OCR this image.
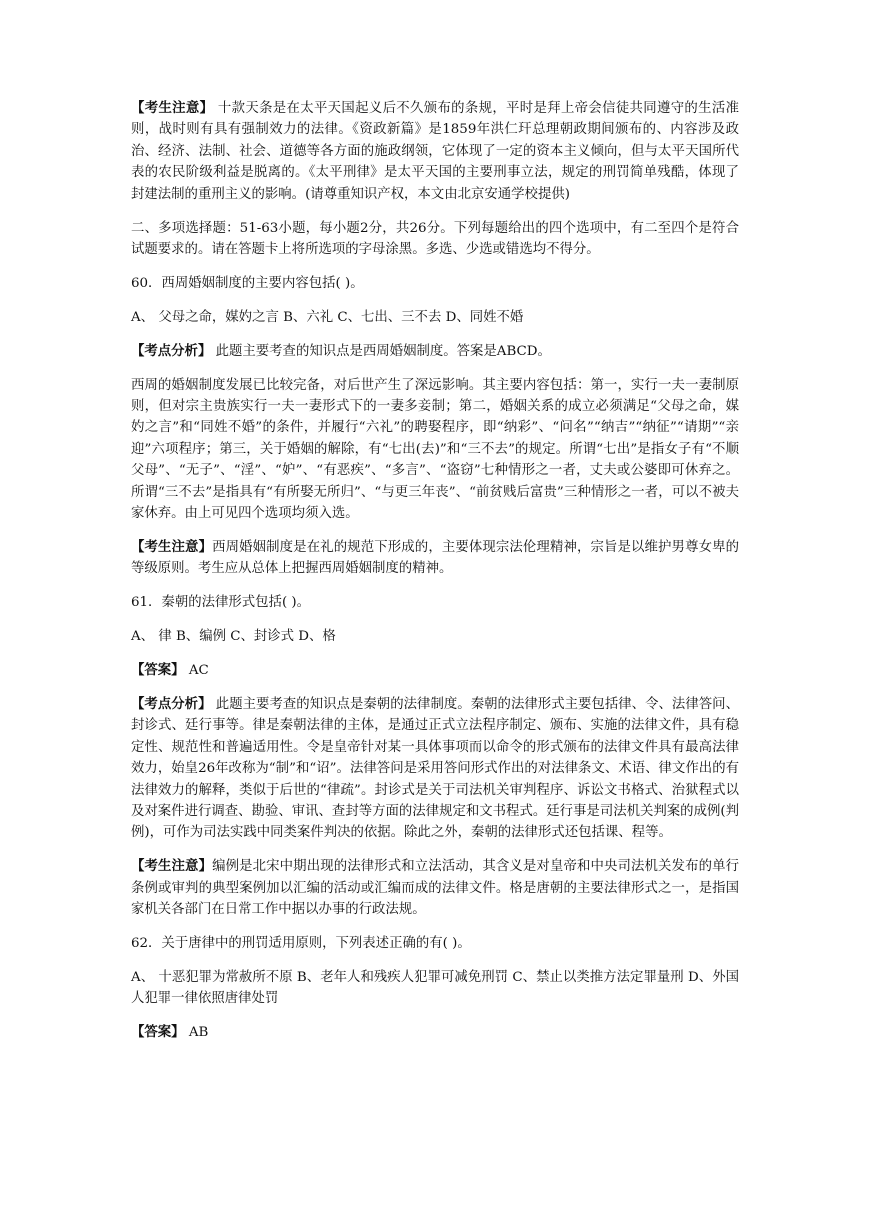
【考生注意】 十款天条是在太平天国起义后不久颁布的条规，平时是拜上帝会信徒共同遵守的生活准则，战时则有具有强制效力的法律。《资政新篇》是1859年洪仁玕总理朝政期间颁布的、内容涉及政治、经济、法制、社会、道德等各方面的施政纲领，它体现了一定的资本主义倾向，但与太平天国所代表的农民阶级利益是脱离的。《太平刑律》是太平天国的主要刑事立法，规定的刑罚简单残酷，体现了封建法制的重刑主义的影响。(请尊重知识产权，本文由北京安通学校提供)

二、多项选择题：51-63小题，每小题2分，共26分。下列每题给出的四个选项中，有二至四个是符合试题要求的。请在答题卡上将所选项的字母涂黑。多选、少选或错选均不得分。

60．西周婚姻制度的主要内容包括( )。

A、 父母之命，媒妁之言 B、六礼 C、七出、三不去 D、同姓不婚

【考点分析】 此题主要考查的知识点是西周婚姻制度。答案是ABCD。

西周的婚姻制度发展已比较完备，对后世产生了深远影响。其主要内容包括：第一，实行一夫一妻制原则，但对宗主贵族实行一夫一妻形式下的一妻多妾制；第二，婚姻关系的成立必须满足“父母之命，媒妁之言”和“同姓不婚”的条件，并履行“六礼”的聘娶程序，即“纳彩”、“问名”“纳吉”“纳征”“请期”“亲迎”六项程序；第三，关于婚姻的解除，有“七出(去)”和“三不去”的规定。所谓“七出”是指女子有“不顺父母”、“无子”、“淫”、“妒”、“有恶疾”、“多言”、“盗窃”七种情形之一者，丈夫或公婆即可休弃之。所谓“三不去”是指具有“有所娶无所归”、“与更三年丧”、“前贫贱后富贵”三种情形之一者，可以不被夫家休弃。由上可见四个选项均须入选。

【考生注意】西周婚姻制度是在礼的规范下形成的，主要体现宗法伦理精神，宗旨是以维护男尊女卑的等级原则。考生应从总体上把握西周婚姻制度的精神。

61．秦朝的法律形式包括( )。

A、 律 B、编例 C、封诊式 D、格

【答案】 AC

【考点分析】 此题主要考查的知识点是秦朝的法律制度。秦朝的法律形式主要包括律、令、法律答问、封诊式、廷行事等。律是秦朝法律的主体，是通过正式立法程序制定、颁布、实施的法律文件，具有稳定性、规范性和普遍适用性。令是皇帝针对某一具体事项而以命令的形式颁布的法律文件具有最高法律效力，始皇26年改称为“制”和“诏”。法律答问是采用答问形式作出的对法律条文、术语、律文作出的有法律效力的解释，类似于后世的“律疏”。封诊式是关于司法机关审判程序、诉讼文书格式、治狱程式以及对案件进行调查、勘验、审讯、查封等方面的法律规定和文书程式。廷行事是司法机关判案的成例(判例)，可作为司法实践中同类案件判决的依据。除此之外，秦朝的法律形式还包括课、程等。

【考生注意】编例是北宋中期出现的法律形式和立法活动，其含义是对皇帝和中央司法机关发布的单行条例或审判的典型案例加以汇编的活动或汇编而成的法律文件。格是唐朝的主要法律形式之一，是指国家机关各部门在日常工作中据以办事的行政法规。

62．关于唐律中的刑罚适用原则，下列表述正确的有( )。

A、 十恶犯罪为常赦所不原 B、老年人和残疾人犯罪可减免刑罚 C、禁止以类推方法定罪量刑 D、外国人犯罪一律依照唐律处罚

【答案】 AB
